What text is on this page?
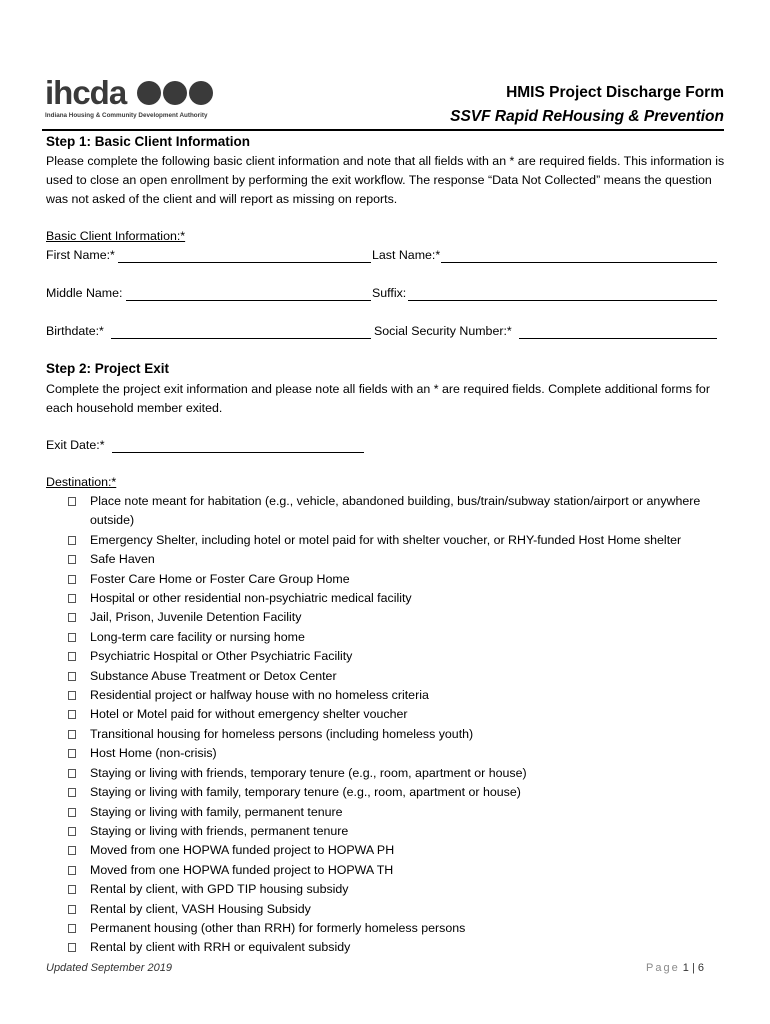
ihcda
Indiana Housing & Community Development Authority
HMIS Project Discharge Form
SSVF Rapid ReHousing & Prevention
Step 1: Basic Client Information
Please complete the following basic client information and note that all fields with an * are required fields. This information is used to close an open enrollment by performing the exit workflow. The response “Data Not Collected” means the question was not asked of the client and will report as missing on reports.
Basic Client Information:*
First Name:*	Last Name:*
Middle Name:	Suffix:
Birthdate:*	Social Security Number:*
Step 2: Project Exit
Complete the project exit information and please note all fields with an * are required fields. Complete additional forms for each household member exited.
Exit Date:*
Destination:*
Place note meant for habitation (e.g., vehicle, abandoned building, bus/train/subway station/airport or anywhere outside)
Emergency Shelter, including hotel or motel paid for with shelter voucher, or RHY-funded Host Home shelter
Safe Haven
Foster Care Home or Foster Care Group Home
Hospital or other residential non-psychiatric medical facility
Jail, Prison, Juvenile Detention Facility
Long-term care facility or nursing home
Psychiatric Hospital or Other Psychiatric Facility
Substance Abuse Treatment or Detox Center
Residential project or halfway house with no homeless criteria
Hotel or Motel paid for without emergency shelter voucher
Transitional housing for homeless persons (including homeless youth)
Host Home (non-crisis)
Staying or living with friends, temporary tenure (e.g., room, apartment or house)
Staying or living with family, temporary tenure (e.g., room, apartment or house)
Staying or living with family, permanent tenure
Staying or living with friends, permanent tenure
Moved from one HOPWA funded project to HOPWA PH
Moved from one HOPWA funded project to HOPWA TH
Rental by client, with GPD TIP housing subsidy
Rental by client, VASH Housing Subsidy
Permanent housing (other than RRH) for formerly homeless persons
Rental by client with RRH or equivalent subsidy
Updated September 2019	Page 1 | 6
